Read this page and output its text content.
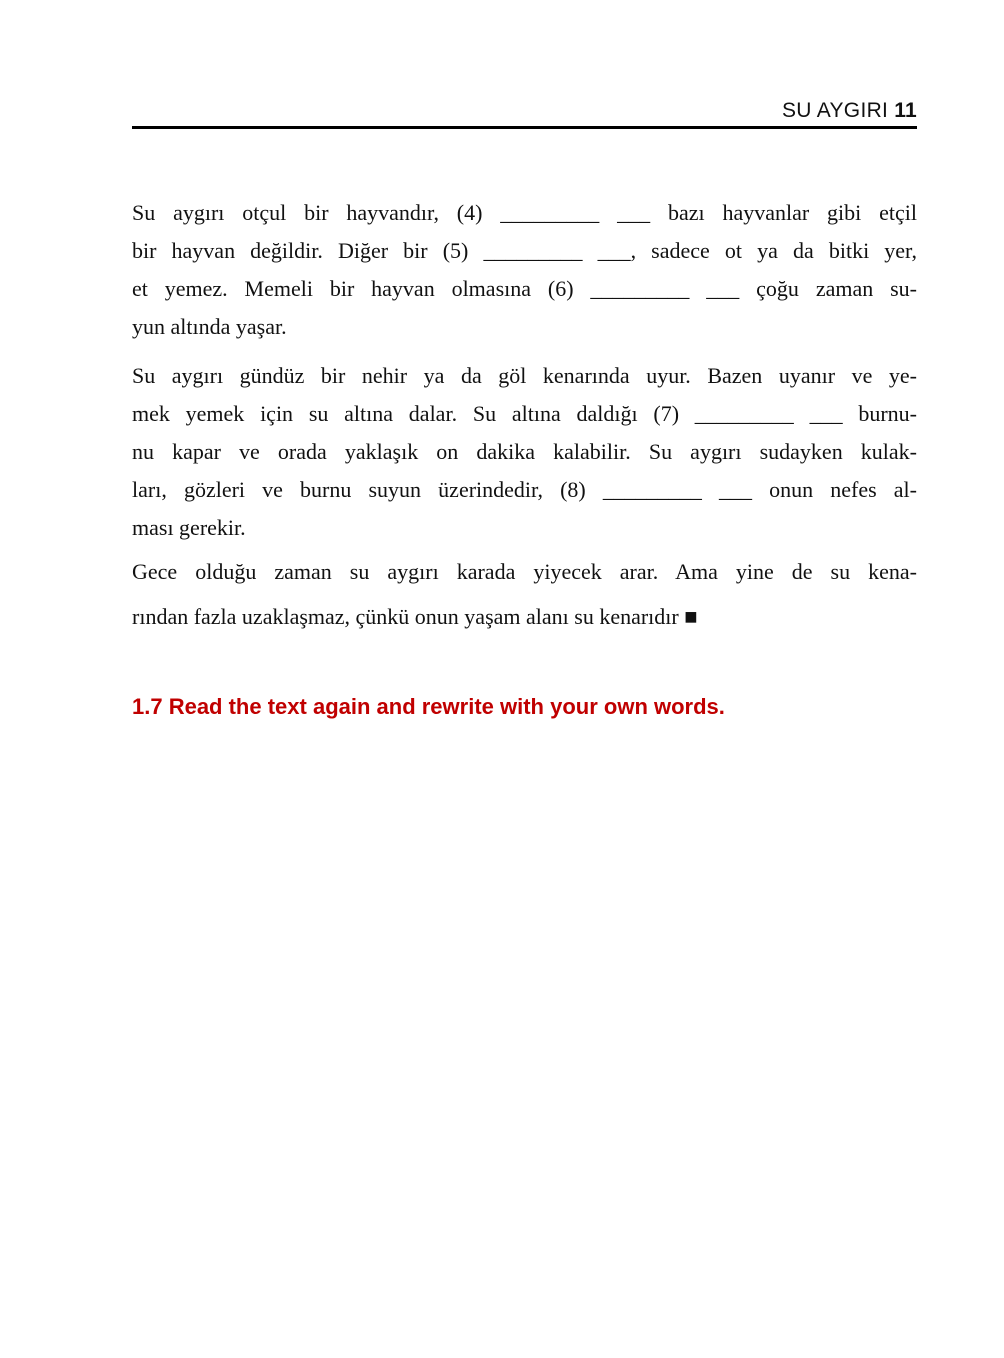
SU AYGIRI 11

Su aygırı otçul bir hayvandır, (4) _________ ___ bazı hayvanlar gibi etçil

bir hayvan değildir. Diğer bir (5) _________ ___, sadece ot ya da bitki yer,

et yemez. Memeli bir hayvan olmasına (6) _________ ___ çoğu zaman su-

yun altında yaşar.

Su aygırı gündüz bir nehir ya da göl kenarında uyur. Bazen uyanır ve ye-

mek yemek için su altına dalar. Su altına daldığı (7) _________ ___ burnu-

nu kapar ve orada yaklaşık on dakika kalabilir. Su aygırı sudayken kulak-

ları, gözleri ve burnu suyun üzerindedir, (8) _________ ___ onun nefes al-

ması gerekir.

Gece olduğu zaman su aygırı karada yiyecek arar. Ama yine de su kena-

rından fazla uzaklaşmaz, çünkü onun yaşam alanı su kenarıdır ■

1.7 Read the text again and rewrite with your own words.
